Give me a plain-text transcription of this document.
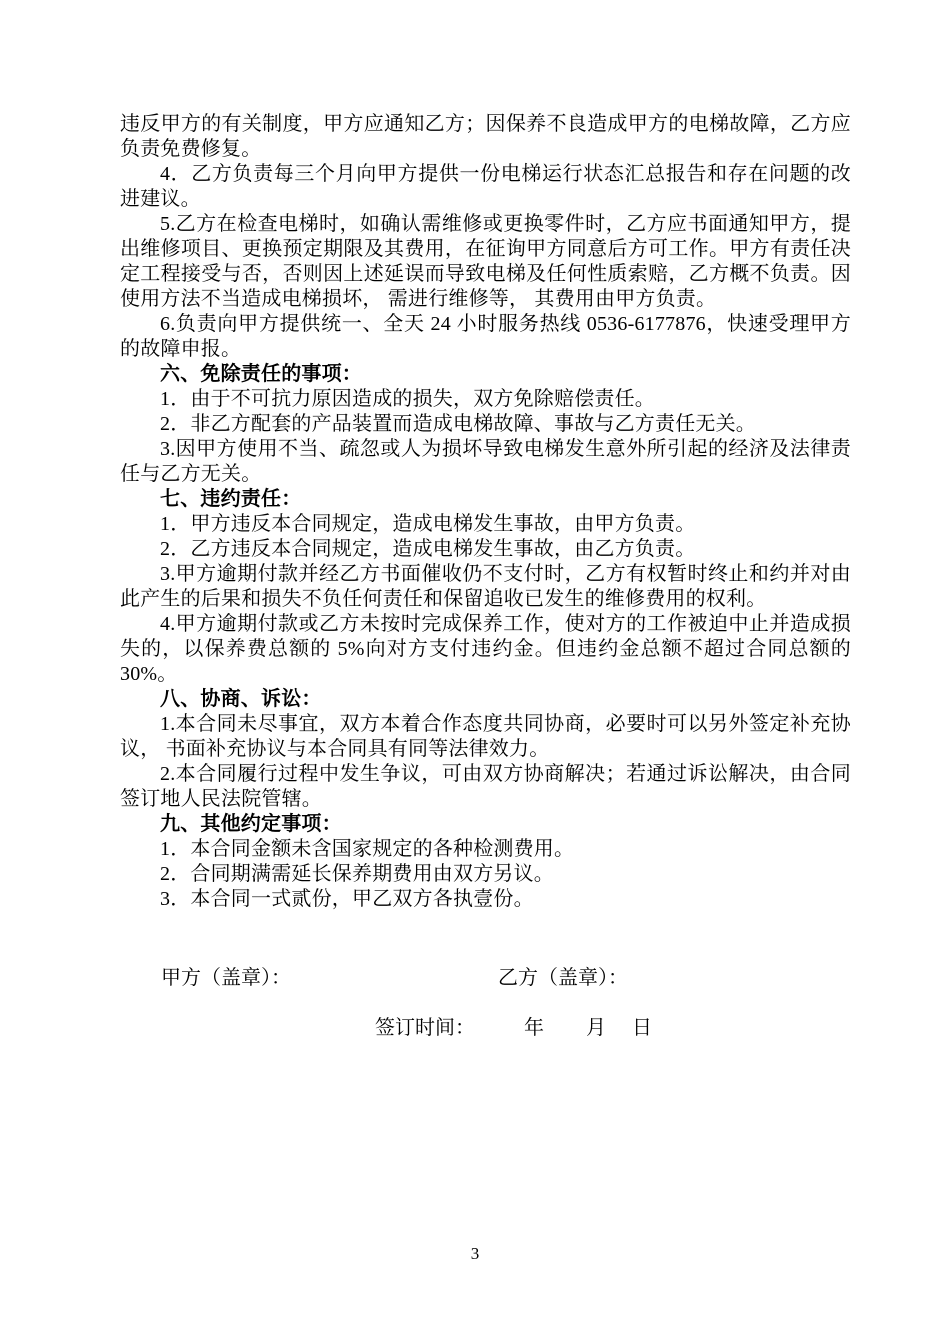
违反甲方的有关制度，甲方应通知乙方；因保养不良造成甲方的电梯故障，乙方应负责免费修复。

4．乙方负责每三个月向甲方提供一份电梯运行状态汇总报告和存在问题的改进建议。

5.乙方在检查电梯时，如确认需维修或更换零件时，乙方应书面通知甲方，提出维修项目、更换预定期限及其费用，在征询甲方同意后方可工作。甲方有责任决定工程接受与否，否则因上述延误而导致电梯及任何性质索赔，乙方概不负责。因使用方法不当造成电梯损坏， 需进行维修等， 其费用由甲方负责。

6.负责向甲方提供统一、全天 24 小时服务热线 0536-6177876，快速受理甲方的故障申报。

六、免除责任的事项：

1．由于不可抗力原因造成的损失，双方免除赔偿责任。

2．非乙方配套的产品装置而造成电梯故障、事故与乙方责任无关。

3.因甲方使用不当、疏忽或人为损坏导致电梯发生意外所引起的经济及法律责任与乙方无关。

七、违约责任：

1．甲方违反本合同规定，造成电梯发生事故，由甲方负责。

2．乙方违反本合同规定，造成电梯发生事故，由乙方负责。

3.甲方逾期付款并经乙方书面催收仍不支付时，乙方有权暂时终止和约并对由此产生的后果和损失不负任何责任和保留追收已发生的维修费用的权利。

4.甲方逾期付款或乙方未按时完成保养工作，使对方的工作被迫中止并造成损失的，以保养费总额的 5%向对方支付违约金。但违约金总额不超过合同总额的 30%。

八、协商、诉讼：

1.本合同未尽事宜，双方本着合作态度共同协商，必要时可以另外签定补充协议， 书面补充协议与本合同具有同等法律效力。

2.本合同履行过程中发生争议，可由双方协商解决；若通过诉讼解决，由合同签订地人民法院管辖。

九、其他约定事项：

1．本合同金额未含国家规定的各种检测费用。

2．合同期满需延长保养期费用由双方另议。

3．本合同一式贰份，甲乙双方各执壹份。

甲方（盖章）：	乙方（盖章）：
签订时间： 年 月 日
3
